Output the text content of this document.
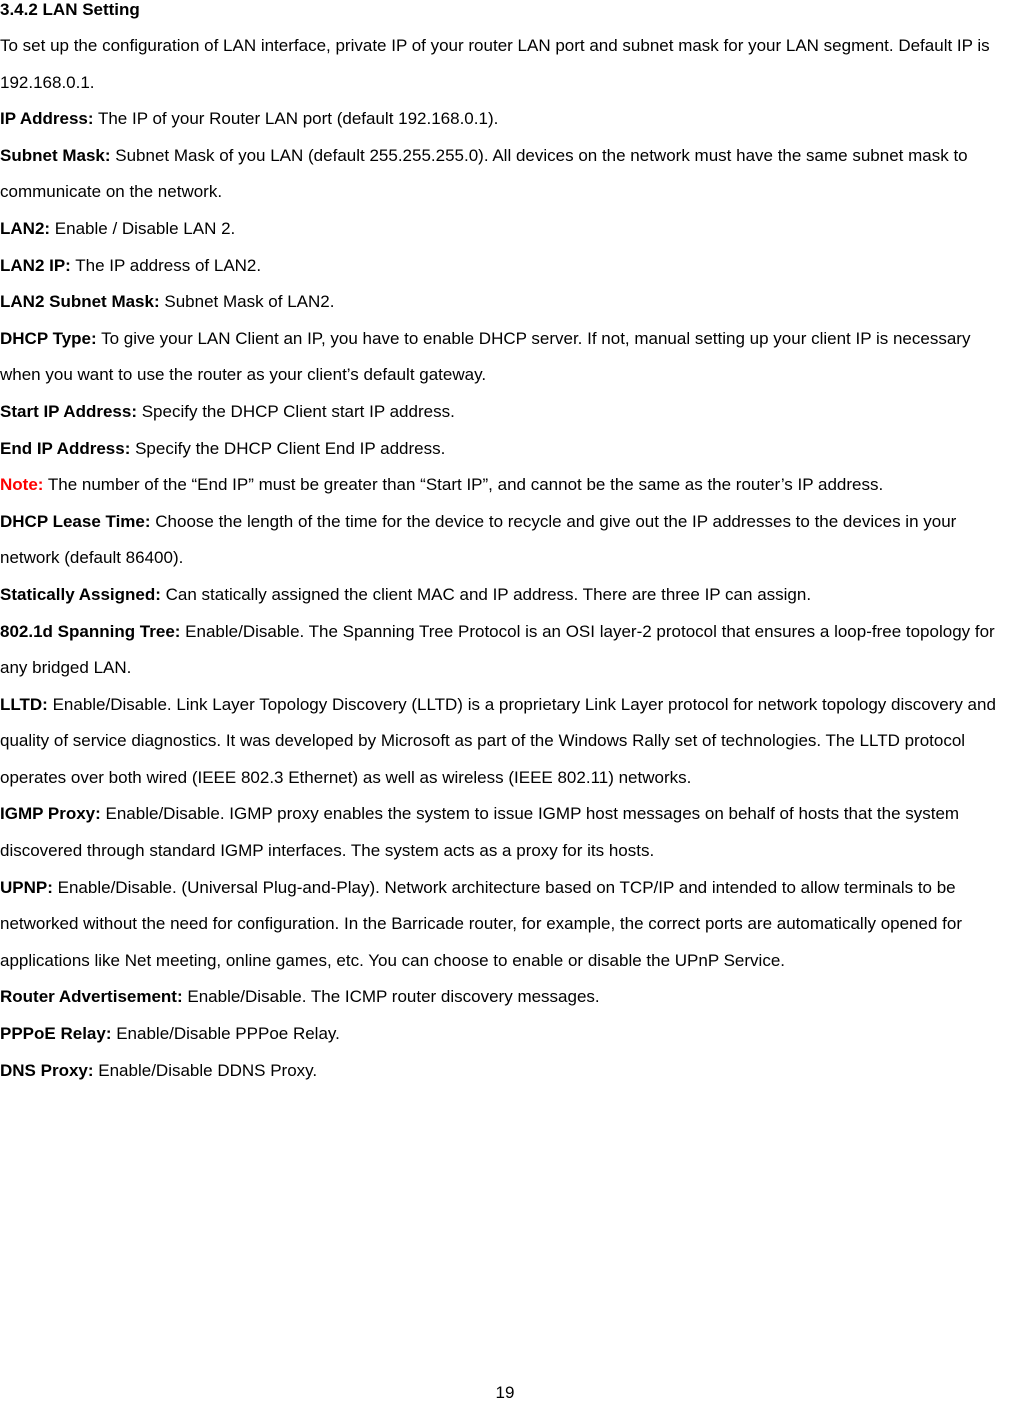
3.4.2 LAN Setting

To set up the configuration of LAN interface, private IP of your router LAN port and subnet mask for your LAN segment. Default IP is 192.168.0.1.

IP Address: The IP of your Router LAN port (default 192.168.0.1).

Subnet Mask: Subnet Mask of you LAN (default 255.255.255.0). All devices on the network must have the same subnet mask to communicate on the network.

LAN2: Enable / Disable LAN 2.

LAN2 IP: The IP address of LAN2.

LAN2 Subnet Mask: Subnet Mask of LAN2.

DHCP Type: To give your LAN Client an IP, you have to enable DHCP server. If not, manual setting up your client IP is necessary when you want to use the router as your client’s default gateway.

Start IP Address: Specify the DHCP Client start IP address.

End IP Address: Specify the DHCP Client End IP address.

Note: The number of the “End IP” must be greater than “Start IP”, and cannot be the same as the router’s IP address.

DHCP Lease Time: Choose the length of the time for the device to recycle and give out the IP addresses to the devices in your network (default 86400).

Statically Assigned: Can statically assigned the client MAC and IP address. There are three IP can assign.

802.1d Spanning Tree: Enable/Disable. The Spanning Tree Protocol is an OSI layer-2 protocol that ensures a loop-free topology for any bridged LAN.

LLTD: Enable/Disable. Link Layer Topology Discovery (LLTD) is a proprietary Link Layer protocol for network topology discovery and quality of service diagnostics. It was developed by Microsoft as part of the Windows Rally set of technologies. The LLTD protocol operates over both wired (IEEE 802.3 Ethernet) as well as wireless (IEEE 802.11) networks.

IGMP Proxy: Enable/Disable. IGMP proxy enables the system to issue IGMP host messages on behalf of hosts that the system discovered through standard IGMP interfaces. The system acts as a proxy for its hosts.

UPNP: Enable/Disable. (Universal Plug-and-Play). Network architecture based on TCP/IP and intended to allow terminals to be networked without the need for configuration. In the Barricade router, for example, the correct ports are automatically opened for applications like Net meeting, online games, etc. You can choose to enable or disable the UPnP Service.

Router Advertisement: Enable/Disable. The ICMP router discovery messages.

PPPoE Relay: Enable/Disable PPPoe Relay.

DNS Proxy: Enable/Disable DDNS Proxy.

19
